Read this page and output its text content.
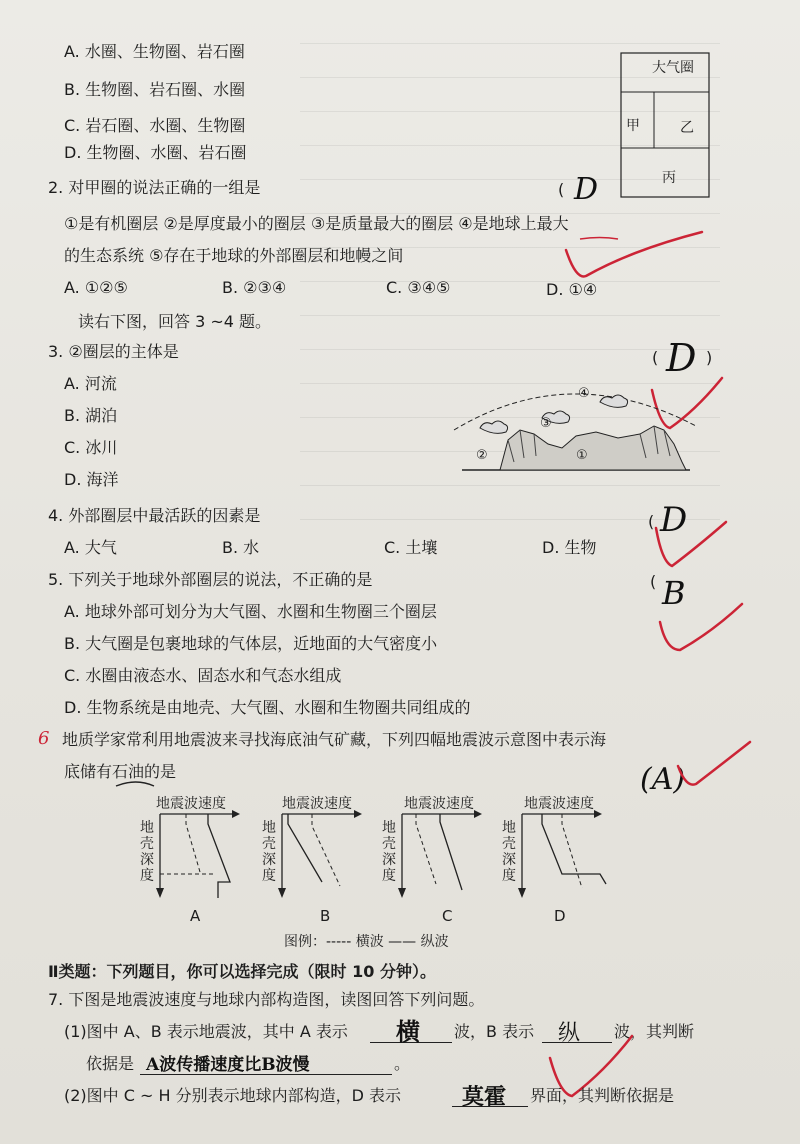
A. 水圈、生物圈、岩石圈
B. 生物圈、岩石圈、水圈
C. 岩石圈、水圈、生物圈
D. 生物圈、水圈、岩石圈
大气圈
甲	乙
丙
2. 对甲圈的说法正确的一组是	( D
①是有机圈层 ②是厚度最小的圈层 ③是质量最大的圈层 ④是地球上最大
的生态系统 ⑤存在于地球的外部圈层和地幔之间
A. ①②⑤	B. ②③④	C. ③④⑤	D. ①④
读右下图，回答 3 ~4 题。
3. ②圈层的主体是	( D )
A. 河流
B. 湖泊
C. 冰川
D. 海洋
④
③
②	①
4. 外部圈层中最活跃的因素是	( D
A. 大气	B. 水	C. 土壤	D. 生物
5. 下列关于地球外部圈层的说法，不正确的是	( B
A. 地球外部可划分为大气圈、水圈和生物圈三个圈层
B. 大气圈是包裹地球的气体层，近地面的大气密度小
C. 水圈由液态水、固态水和气态水组成
D. 生物系统是由地壳、大气圈、水圈和生物圈共同组成的
6 地质学家常利用地震波来寻找海底油气矿藏，下列四幅地震波示意图中表示海
底储有石油的是	(A)
地震波速度	地震波速度	地震波速度	地震波速度
地
壳
深
度
地
壳
深
度
地
壳
深
度
地
壳
深
度
A	B	C	D
图例：----- 横波 —— 纵波
Ⅱ类题：下列题目，你可以选择完成（限时 10 分钟）。
7. 下图是地震波速度与地球内部构造图，读图回答下列问题。
(1)图中 A、B 表示地震波，其中 A 表示 横 波，B 表示 纵 波，其判断
依据是 A波传播速度比B波慢	。
(2)图中 C ~ H 分别表示地球内部构造，D 表示	莫霍 界面，其判断依据是
